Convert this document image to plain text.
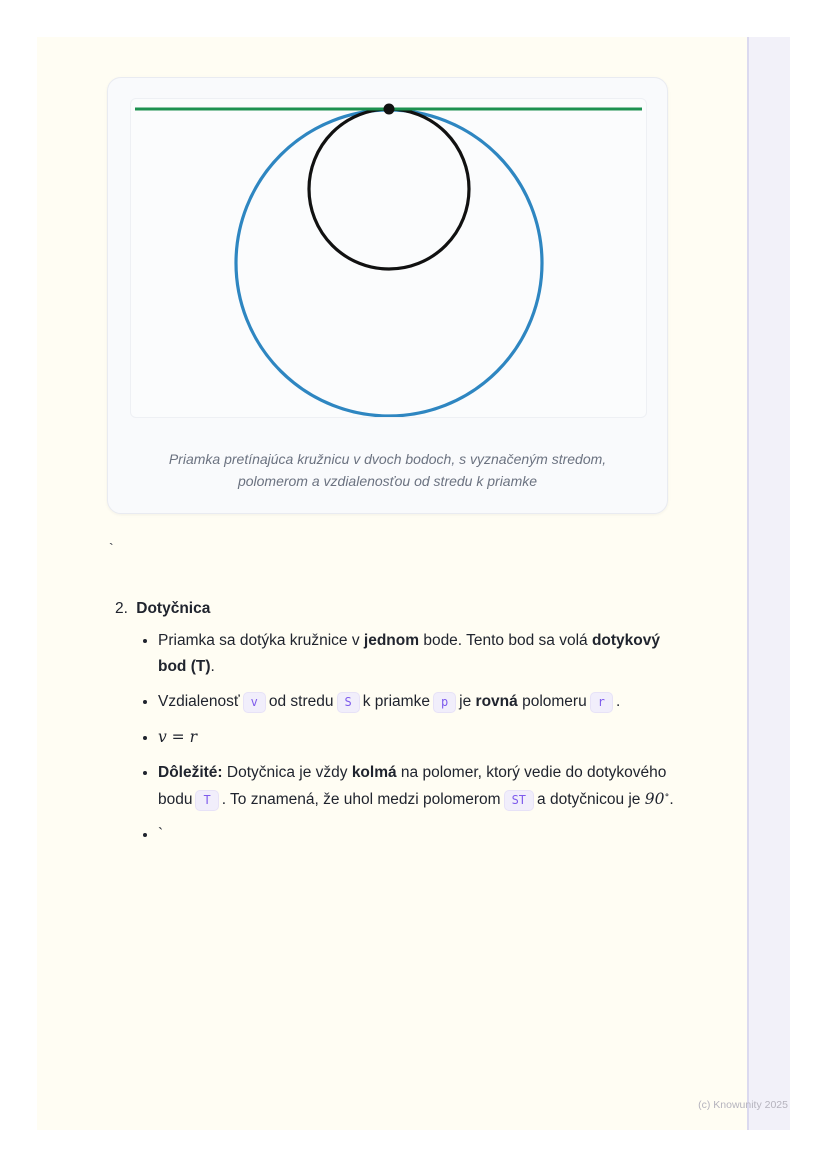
Priamka pretínajúca kružnicu v dvoch bodoch, s vyznačeným stredom, polomerom a vzdialenosťou od stredu k priamke
`
2. Dotyčnica
• Priamka sa dotýka kružnice v jednom bode. Tento bod sa volá dotykový bod (T).
• Vzdialenosť v od stredu S k priamke p je rovná polomeru r .
• v = r
• Dôležité: Dotyčnica je vždy kolmá na polomer, ktorý vedie do dotykového bodu T . To znamená, že uhol medzi polomerom ST a dotyčnicou je 90∘.
• `
(c) Knowunity 2025
